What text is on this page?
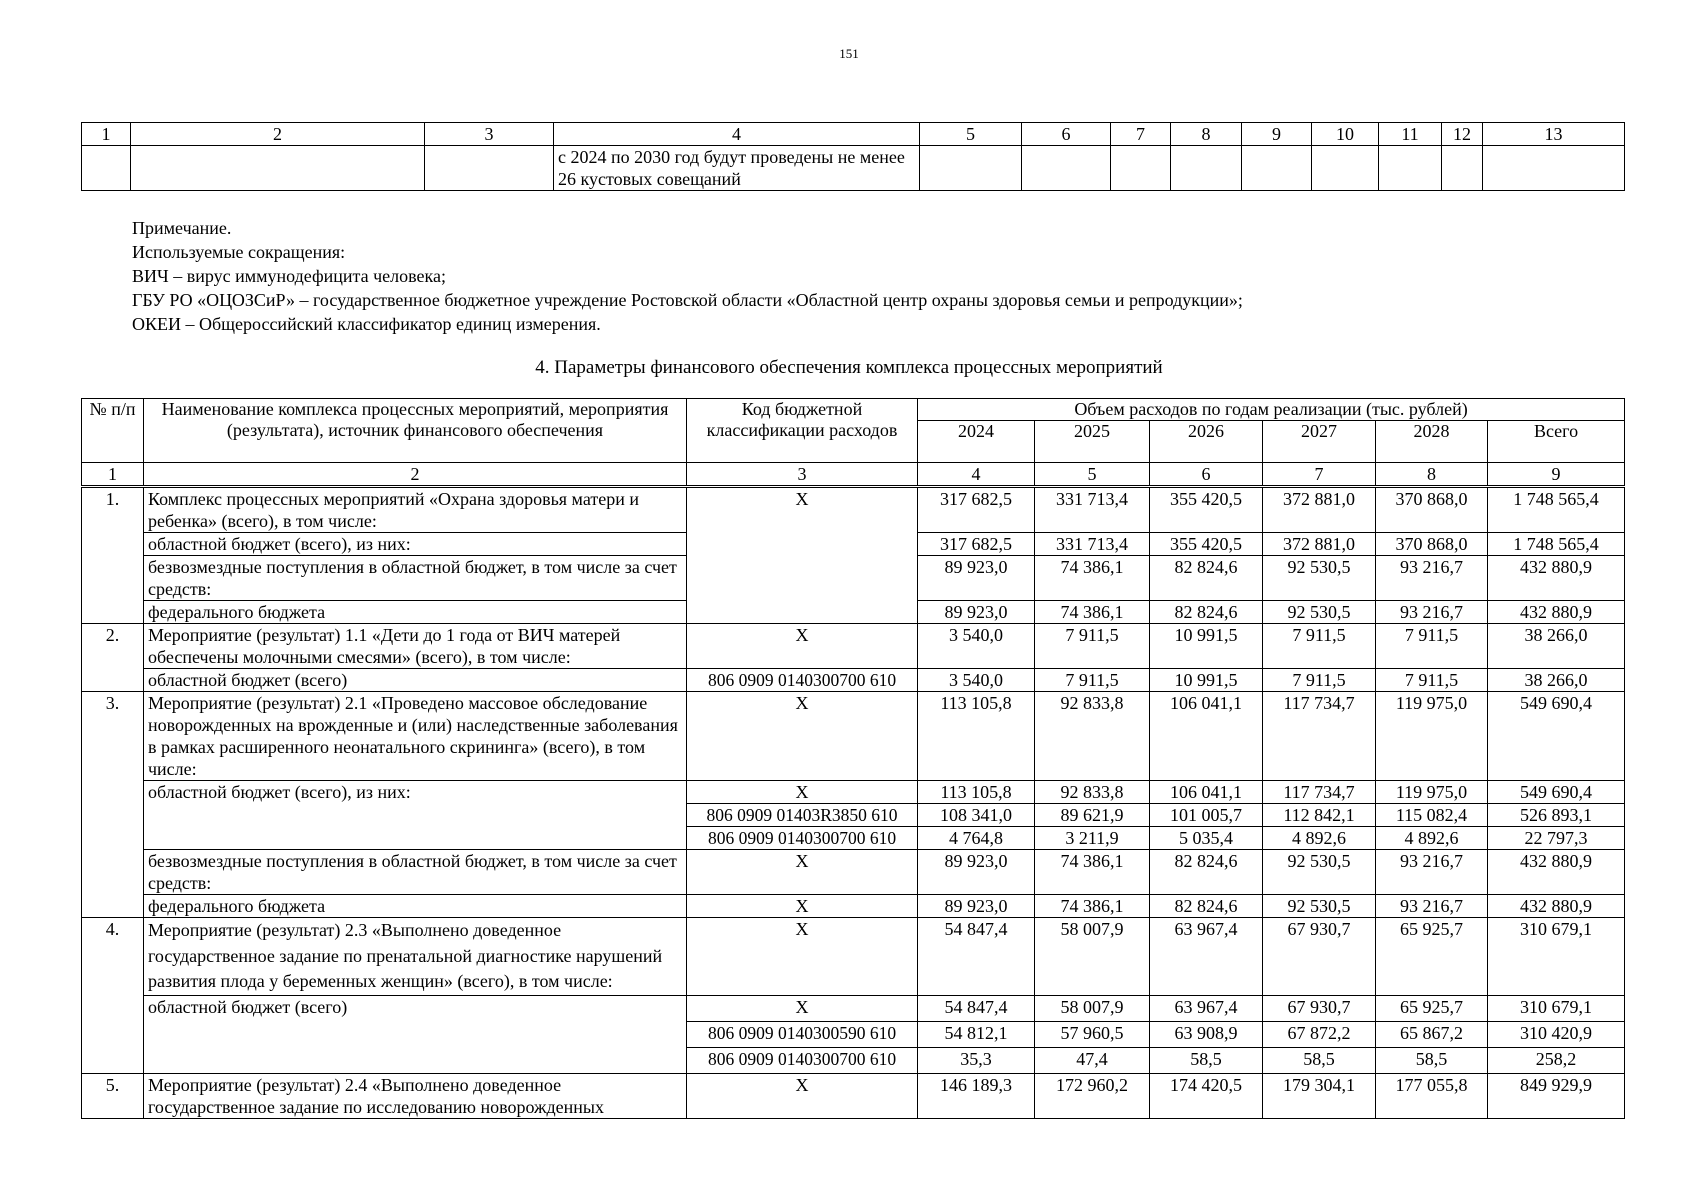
151
1	2	3	4	5	6	7	8	9	10	11	12	13
			с 2024 по 2030 год будут проведены не менее 26 кустовых совещаний									
Примечание.
Используемые сокращения:
ВИЧ – вирус иммунодефицита человека;
ГБУ РО «ОЦОЗСиР» – государственное бюджетное учреждение Ростовской области «Областной центр охраны здоровья семьи и репродукции»;
ОКЕИ – Общероссийский классификатор единиц измерения.
4. Параметры финансового обеспечения комплекса процессных мероприятий
№ п/п	Наименование комплекса процессных мероприятий, мероприятия (результата), источник финансового обеспечения	Код бюджетной классификации расходов	Объем расходов по годам реализации (тыс. рублей)					
			2024	2025	2026	2027	2028	Всего
1	2	3	4	5	6	7	8	9
1.	Комплекс процессных мероприятий «Охрана здоровья матери и ребенка» (всего), в том числе:	Х	317 682,5	331 713,4	355 420,5	372 881,0	370 868,0	1 748 565,4
	областной бюджет (всего), из них:		317 682,5	331 713,4	355 420,5	372 881,0	370 868,0	1 748 565,4
	безвозмездные поступления в областной бюджет, в том числе за счет средств:		89 923,0	74 386,1	82 824,6	92 530,5	93 216,7	432 880,9
	федерального бюджета		89 923,0	74 386,1	82 824,6	92 530,5	93 216,7	432 880,9
2.	Мероприятие (результат) 1.1 «Дети до 1 года от ВИЧ матерей обеспечены молочными смесями» (всего), в том числе:	Х	3 540,0	7 911,5	10 991,5	7 911,5	7 911,5	38 266,0
	областной бюджет (всего)	806 0909 0140300700 610	3 540,0	7 911,5	10 991,5	7 911,5	7 911,5	38 266,0
3.	Мероприятие (результат) 2.1 «Проведено массовое обследование новорожденных на врожденные и (или) наследственные заболевания в рамках расширенного неонатального скрининга» (всего), в том числе:	Х	113 105,8	92 833,8	106 041,1	117 734,7	119 975,0	549 690,4
	областной бюджет (всего), из них:	Х	113 105,8	92 833,8	106 041,1	117 734,7	119 975,0	549 690,4
		806 0909 01403R3850 610	108 341,0	89 621,9	101 005,7	112 842,1	115 082,4	526 893,1
		806 0909 0140300700 610	4 764,8	3 211,9	5 035,4	4 892,6	4 892,6	22 797,3
	безвозмездные поступления в областной бюджет, в том числе за счет средств:	Х	89 923,0	74 386,1	82 824,6	92 530,5	93 216,7	432 880,9
	федерального бюджета	Х	89 923,0	74 386,1	82 824,6	92 530,5	93 216,7	432 880,9
4.	Мероприятие (результат) 2.3 «Выполнено доведенное государственное задание по пренатальной диагностике нарушений развития плода у беременных женщин» (всего), в том числе:	Х	54 847,4	58 007,9	63 967,4	67 930,7	65 925,7	310 679,1
	областной бюджет (всего)	Х	54 847,4	58 007,9	63 967,4	67 930,7	65 925,7	310 679,1
		806 0909 0140300590 610	54 812,1	57 960,5	63 908,9	67 872,2	65 867,2	310 420,9
		806 0909 0140300700 610	35,3	47,4	58,5	58,5	58,5	258,2
5.	Мероприятие (результат) 2.4 «Выполнено доведенное государственное задание по исследованию новорожденных	Х	146 189,3	172 960,2	174 420,5	179 304,1	177 055,8	849 929,9
